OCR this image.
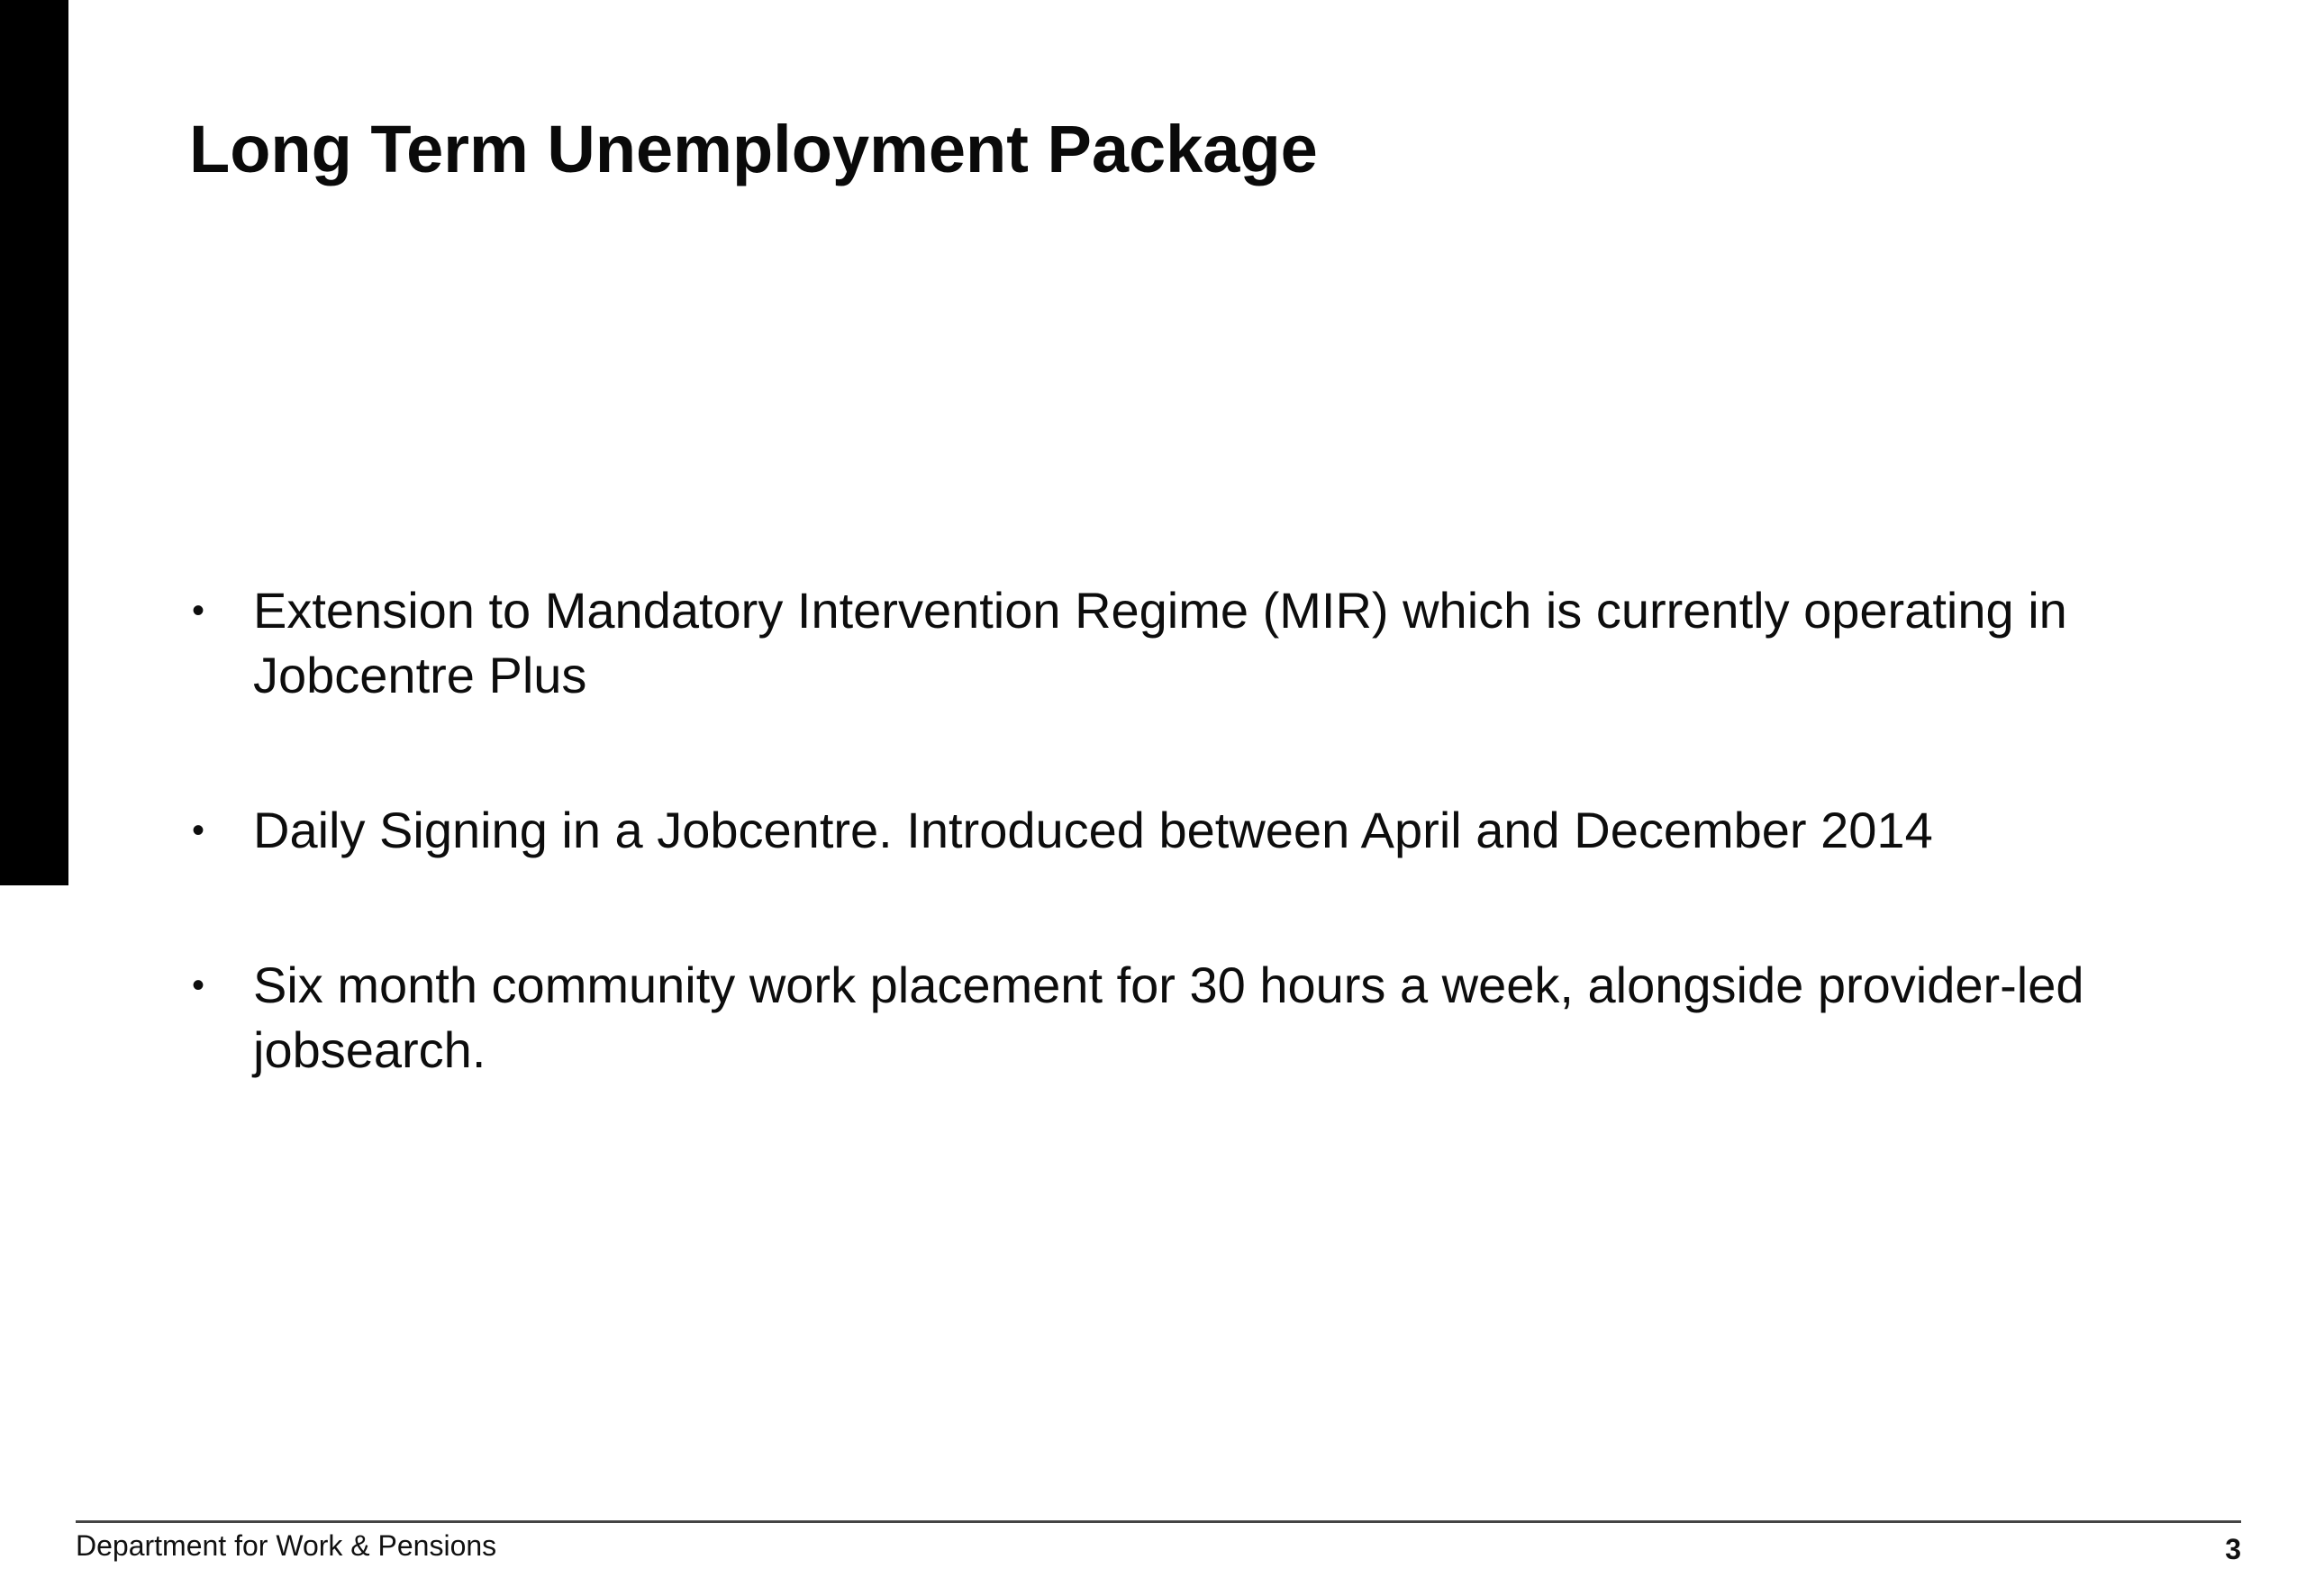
Long Term Unemployment Package
• Extension to Mandatory Intervention Regime (MIR) which is currently operating in Jobcentre Plus
• Daily Signing in a Jobcentre. Introduced between April and December 2014
• Six month community work placement for 30 hours a week, alongside provider-led jobsearch.
Department for Work & Pensions	3
